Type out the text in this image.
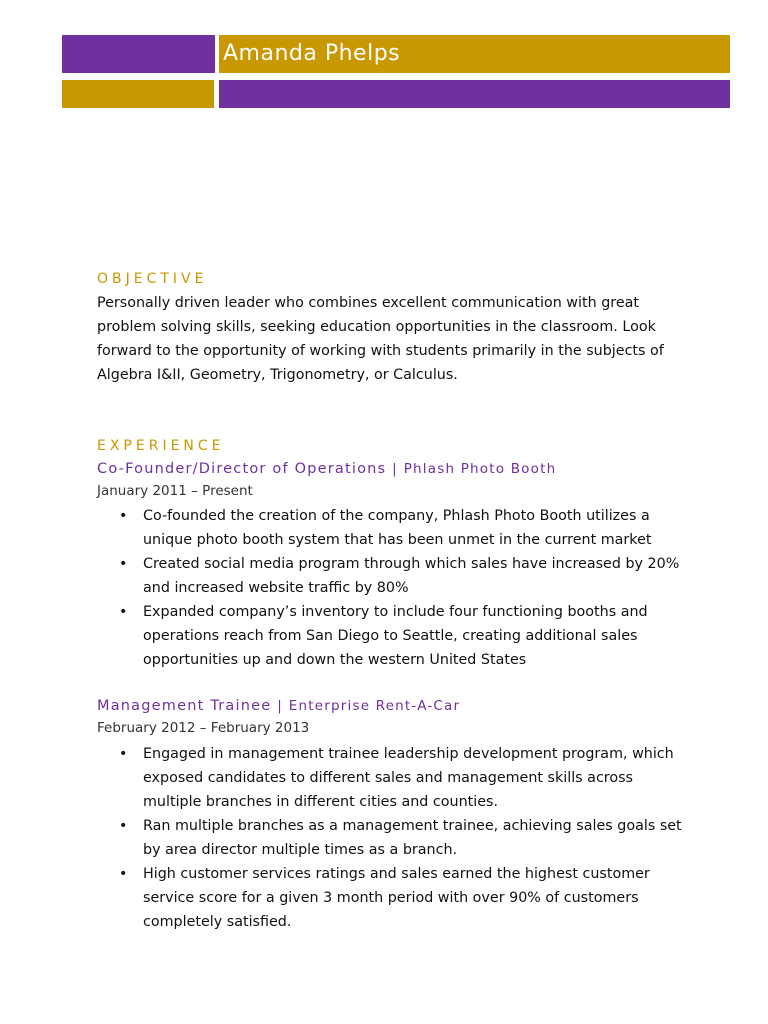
Amanda Phelps
OBJECTIVE
Personally driven leader who combines excellent communication with great
problem solving skills, seeking education opportunities in the classroom. Look
forward to the opportunity of working with students primarily in the subjects of
Algebra I&II, Geometry, Trigonometry, or Calculus.
EXPERIENCE
Co-Founder/Director of Operations | Phlash Photo Booth
January 2011 – Present
• Co-founded the creation of the company, Phlash Photo Booth utilizes a
unique photo booth system that has been unmet in the current market
• Created social media program through which sales have increased by 20%
and increased website traffic by 80%
• Expanded company’s inventory to include four functioning booths and
operations reach from San Diego to Seattle, creating additional sales
opportunities up and down the western United States
Management Trainee | Enterprise Rent-A-Car
February 2012 – February 2013
• Engaged in management trainee leadership development program, which
exposed candidates to different sales and management skills across
multiple branches in different cities and counties.
• Ran multiple branches as a management trainee, achieving sales goals set
by area director multiple times as a branch.
• High customer services ratings and sales earned the highest customer
service score for a given 3 month period with over 90% of customers
completely satisfied.
